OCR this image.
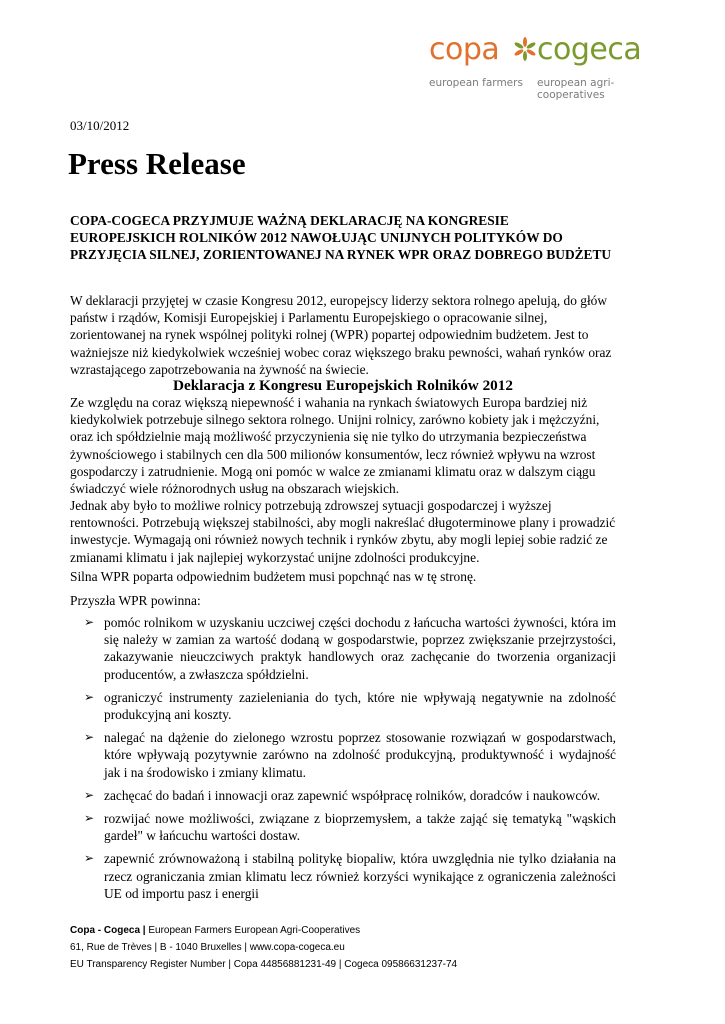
copa cogeca
european farmers european agri-cooperatives
03/10/2012
Press Release

COPA-COGECA PRZYJMUJE WAŻNĄ DEKLARACJĘ NA KONGRESIE EUROPEJSKICH ROLNIKÓW 2012 NAWOŁUJĄC UNIJNYCH POLITYKÓW DO PRZYJĘCIA SILNEJ, ZORIENTOWANEJ NA RYNEK WPR ORAZ DOBREGO BUDŻETU

W deklaracji przyjętej w czasie Kongresu 2012, europejscy liderzy sektora rolnego apelują, do głów państw i rządów, Komisji Europejskiej i Parlamentu Europejskiego o opracowanie silnej, zorientowanej na rynek wspólnej polityki rolnej (WPR) popartej odpowiednim budżetem. Jest to ważniejsze niż kiedykolwiek wcześniej wobec coraz większego braku pewności, wahań rynków oraz wzrastającego zapotrzebowania na żywność na świecie.

Deklaracja z Kongresu Europejskich Rolników 2012

Ze względu na coraz większą niepewność i wahania na rynkach światowych Europa bardziej niż kiedykolwiek potrzebuje silnego sektora rolnego. Unijni rolnicy, zarówno kobiety jak i mężczyźni, oraz ich spółdzielnie mają możliwość przyczynienia się nie tylko do utrzymania bezpieczeństwa żywnościowego i stabilnych cen dla 500 milionów konsumentów, lecz również wpływu na wzrost gospodarczy i zatrudnienie. Mogą oni pomóc w walce ze zmianami klimatu oraz w dalszym ciągu świadczyć wiele różnorodnych usług na obszarach wiejskich.

Jednak aby było to możliwe rolnicy potrzebują zdrowszej sytuacji gospodarczej i wyższej rentowności. Potrzebują większej stabilności, aby mogli nakreślać długoterminowe plany i prowadzić inwestycje. Wymagają oni również nowych technik i rynków zbytu, aby mogli lepiej sobie radzić ze zmianami klimatu i jak najlepiej wykorzystać unijne zdolności produkcyjne.

Silna WPR poparta odpowiednim budżetem musi popchnąć nas w tę stronę.

Przyszła WPR powinna:

➢ pomóc rolnikom w uzyskaniu uczciwej części dochodu z łańcucha wartości żywności, która im się należy w zamian za wartość dodaną w gospodarstwie, poprzez zwiększanie przejrzystości, zakazywanie nieuczciwych praktyk handlowych oraz zachęcanie do tworzenia organizacji producentów, a zwłaszcza spółdzielni.
➢ ograniczyć instrumenty zazieleniania do tych, które nie wpływają negatywnie na zdolność produkcyjną ani koszty.
➢ nalegać na dążenie do zielonego wzrostu poprzez stosowanie rozwiązań w gospodarstwach, które wpływają pozytywnie zarówno na zdolność produkcyjną, produktywność i wydajność jak i na środowisko i zmiany klimatu.
➢ zachęcać do badań i innowacji oraz zapewnić współpracę rolników, doradców i naukowców.
➢ rozwijać nowe możliwości, związane z bioprzemysłem, a także zająć się tematyką "wąskich gardeł" w łańcuchu wartości dostaw.
➢ zapewnić zrównoważoną i stabilną politykę biopaliw, która uwzględnia nie tylko działania na rzecz ograniczania zmian klimatu lecz również korzyści wynikające z ograniczenia zależności UE od importu pasz i energii
Copa - Cogeca | European Farmers European Agri-Cooperatives
61, Rue de Trèves | B - 1040 Bruxelles | www.copa-cogeca.eu
EU Transparency Register Number | Copa 44856881231-49 | Cogeca 09586631237-74
